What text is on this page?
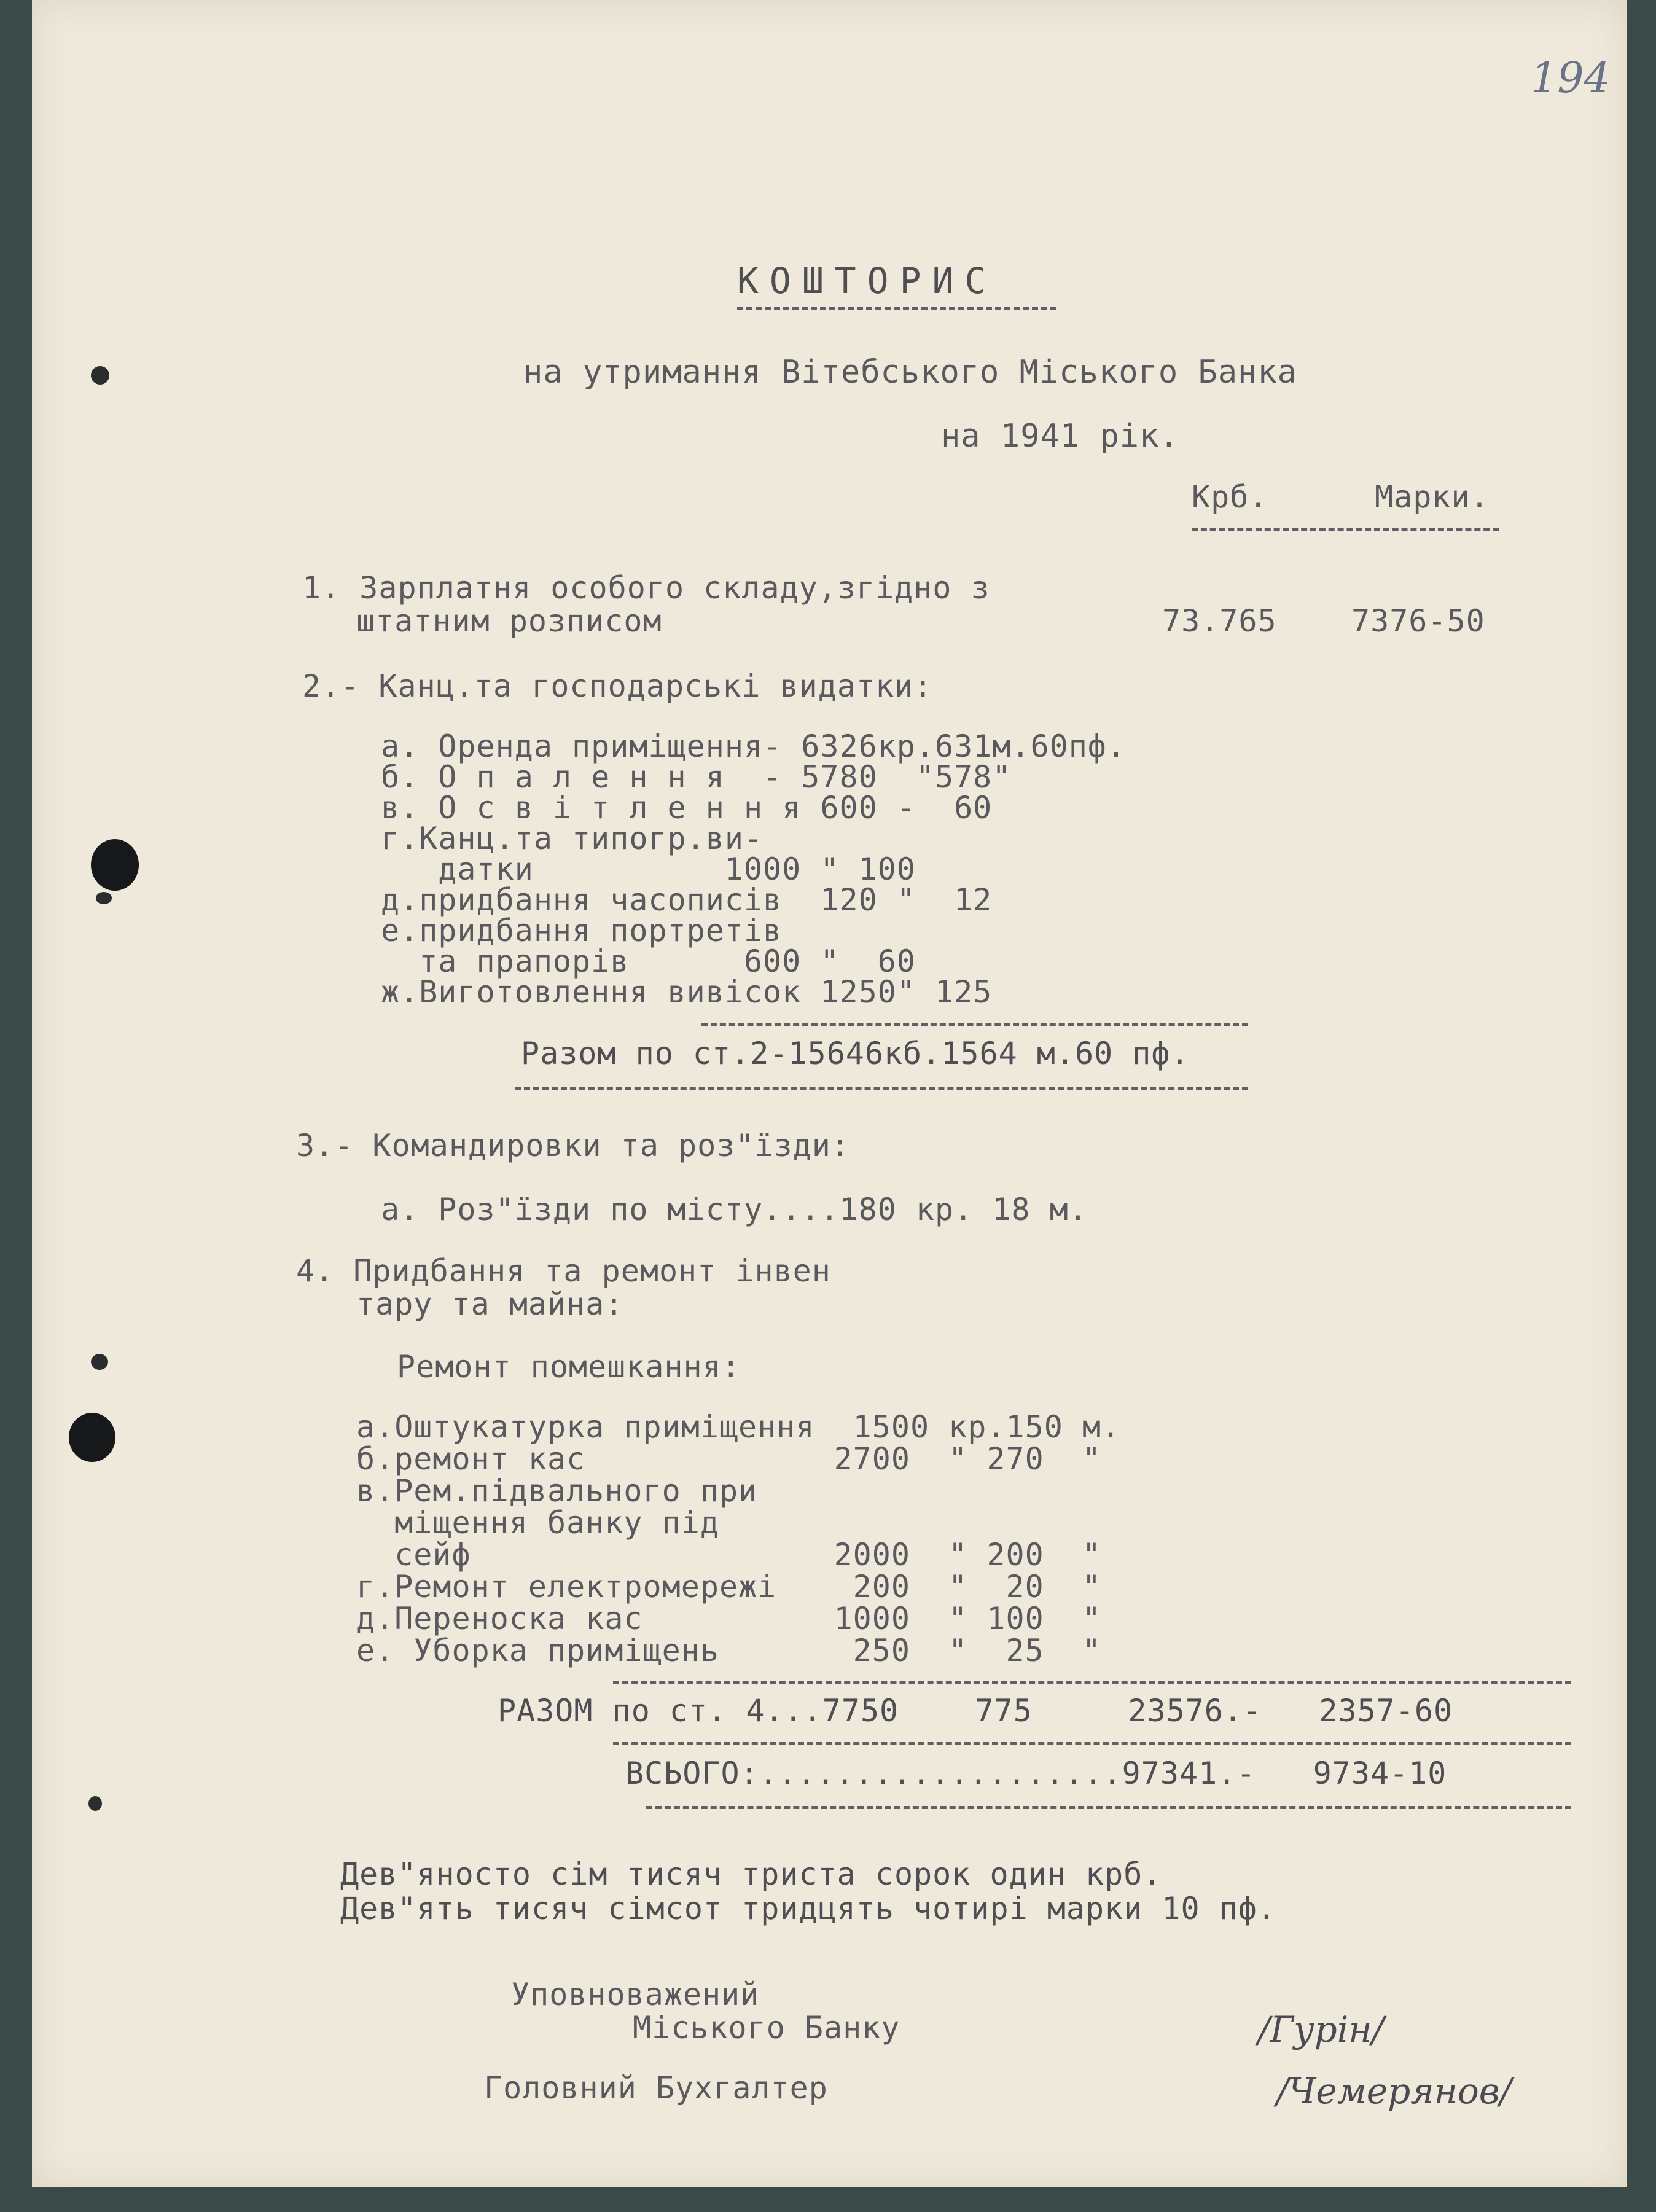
194
КОШТОРИС
на утримання Вітебського Міського Банка
на 1941 рік.
Крб.	Марки.
1. Зарплатня особого складу,згідно з
штатним розписом	73.765 7376-50
2.- Канц.та господарські видатки:
а. Оренда приміщення- 6326кр.631м.60пф.
б. О п а л е н н я  - 5780  "578"
в. О с в і т л е н н я 600 -  60
г.Канц.та типогр.ви-
датки          1000 " 100
д.придбання часописів  120 "  12
е.придбання портретів
та прапорів      600 "  60
ж.Виготовлення вивісок 1250" 125
Разом по ст.2-15646кб.1564 м.60 пф.
3.- Командировки та роз"їзди:
а. Роз"їзди по місту....180 кр. 18 м.
4. Придбання та ремонт інвен
тару та майна:
Ремонт помешкання:
а.Оштукатурка приміщення  1500 кр.150 м.
б.ремонт кас             2700  " 270  "
в.Рем.підвального при
міщення банку під
сейф                   2000  " 200  "
г.Ремонт електромережі    200  "  20  "
д.Переноска кас          1000  " 100  "
е. Уборка приміщень       250  "  25  "
РАЗОМ по ст. 4...7750    775     23576.-   2357-60
ВСЬОГО:...................97341.-   9734-10
Дев"яносто сім тисяч триста сорок один крб.
Дев"ять тисяч сімсот тридцять чотирі марки 10 пф.
Уповноважений
Міського Банку	/Гурін/
Головний Бухгалтер	/Чемерянов/
